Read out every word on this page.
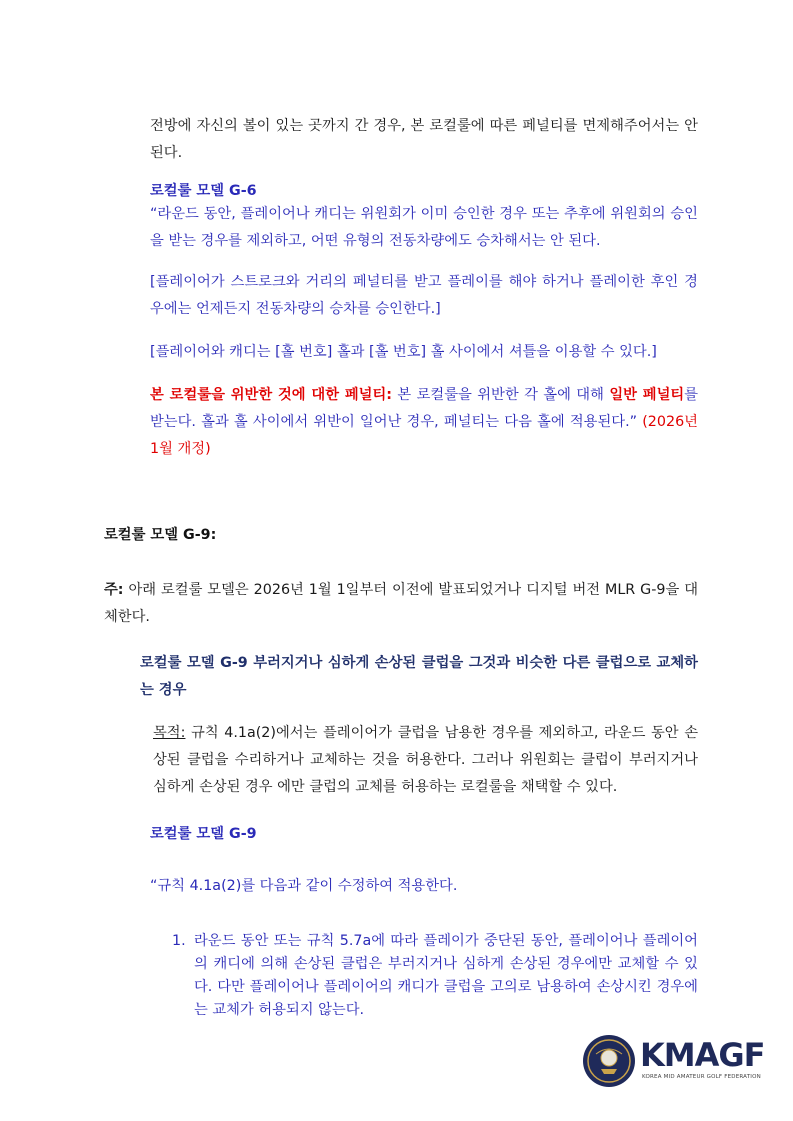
전방에 자신의 볼이 있는 곳까지 간 경우, 본 로컬룰에 따른 페널티를 면제해주어서는 안 된다.
로컬룰 모델 G-6
“라운드 동안, 플레이어나 캐디는 위원회가 이미 승인한 경우 또는 추후에 위원회의 승인을 받는 경우를 제외하고, 어떤 유형의 전동차량에도 승차해서는 안 된다.
[플레이어가 스트로크와 거리의 페널티를 받고 플레이를 해야 하거나 플레이한 후인 경우에는 언제든지 전동차량의 승차를 승인한다.]
[플레이어와 캐디는 [홀 번호] 홀과 [홀 번호] 홀 사이에서 셔틀을 이용할 수 있다.]
본 로컬룰을 위반한 것에 대한 페널티: 본 로컬룰을 위반한 각 홀에 대해 일반 페널티를 받는다. 홀과 홀 사이에서 위반이 일어난 경우, 페널티는 다음 홀에 적용된다.” (2026년 1월 개정)
로컬룰 모델 G-9:
주: 아래 로컬룰 모델은 2026년 1월 1일부터 이전에 발표되었거나 디지털 버전 MLR G-9을 대체한다.
로컬룰 모델 G-9 부러지거나 심하게 손상된 클럽을 그것과 비슷한 다른 클럽으로 교체하는 경우
목적: 규칙 4.1a(2)에서는 플레이어가 클럽을 남용한 경우를 제외하고, 라운드 동안 손상된 클럽을 수리하거나 교체하는 것을 허용한다. 그러나 위원회는 클럽이 부러지거나 심하게 손상된 경우 에만 클럽의 교체를 허용하는 로컬룰을 채택할 수 있다.
로컬룰 모델 G-9
“규칙 4.1a(2)를 다음과 같이 수정하여 적용한다.
1. 라운드 동안 또는 규칙 5.7a에 따라 플레이가 중단된 동안, 플레이어나 플레이어의 캐디에 의해 손상된 클럽은 부러지거나 심하게 손상된 경우에만 교체할 수 있다. 다만 플레이어나 플레이어의 캐디가 클럽을 고의로 남용하여 손상시킨 경우에는 교체가 허용되지 않는다.
KMAGF
KOREA MID AMATEUR GOLF FEDERATION
